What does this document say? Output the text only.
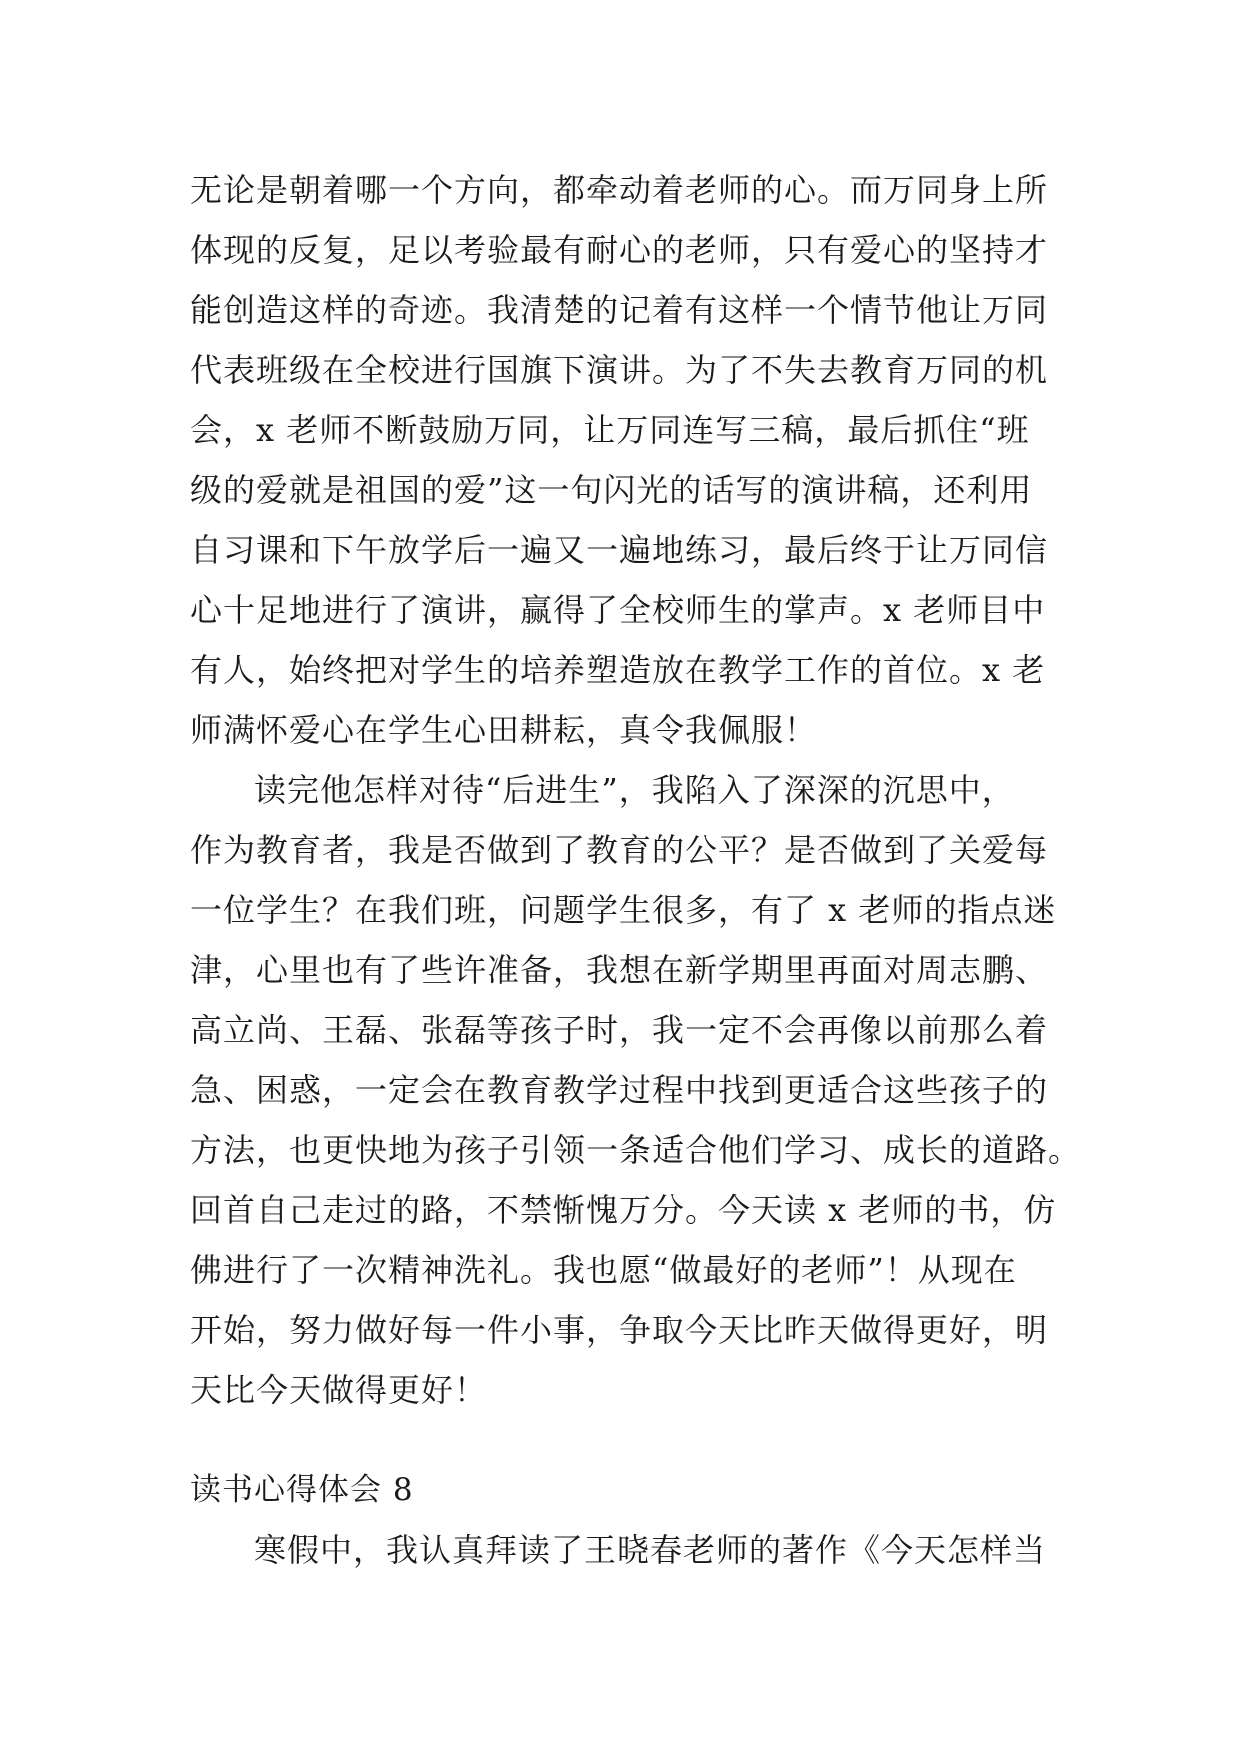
无论是朝着哪一个方向，都牵动着老师的心。而万同身上所
体现的反复，足以考验最有耐心的老师，只有爱心的坚持才
能创造这样的奇迹。我清楚的记着有这样一个情节他让万同
代表班级在全校进行国旗下演讲。为了不失去教育万同的机
会，x 老师不断鼓励万同，让万同连写三稿，最后抓住“班
级的爱就是祖国的爱”这一句闪光的话写的演讲稿，还利用
自习课和下午放学后一遍又一遍地练习，最后终于让万同信
心十足地进行了演讲，赢得了全校师生的掌声。x 老师目中
有人，始终把对学生的培养塑造放在教学工作的首位。x 老
师满怀爱心在学生心田耕耘，真令我佩服！
读完他怎样对待“后进生”，我陷入了深深的沉思中，
作为教育者，我是否做到了教育的公平？是否做到了关爱每
一位学生？在我们班，问题学生很多，有了 x 老师的指点迷
津，心里也有了些许准备，我想在新学期里再面对周志鹏、
高立尚、王磊、张磊等孩子时，我一定不会再像以前那么着
急、困惑，一定会在教育教学过程中找到更适合这些孩子的
方法，也更快地为孩子引领一条适合他们学习、成长的道路。
回首自己走过的路，不禁惭愧万分。今天读 x 老师的书，仿
佛进行了一次精神洗礼。我也愿“做最好的老师”！从现在
开始，努力做好每一件小事，争取今天比昨天做得更好，明
天比今天做得更好！
读书心得体会 8
寒假中，我认真拜读了王晓春老师的著作《今天怎样当
